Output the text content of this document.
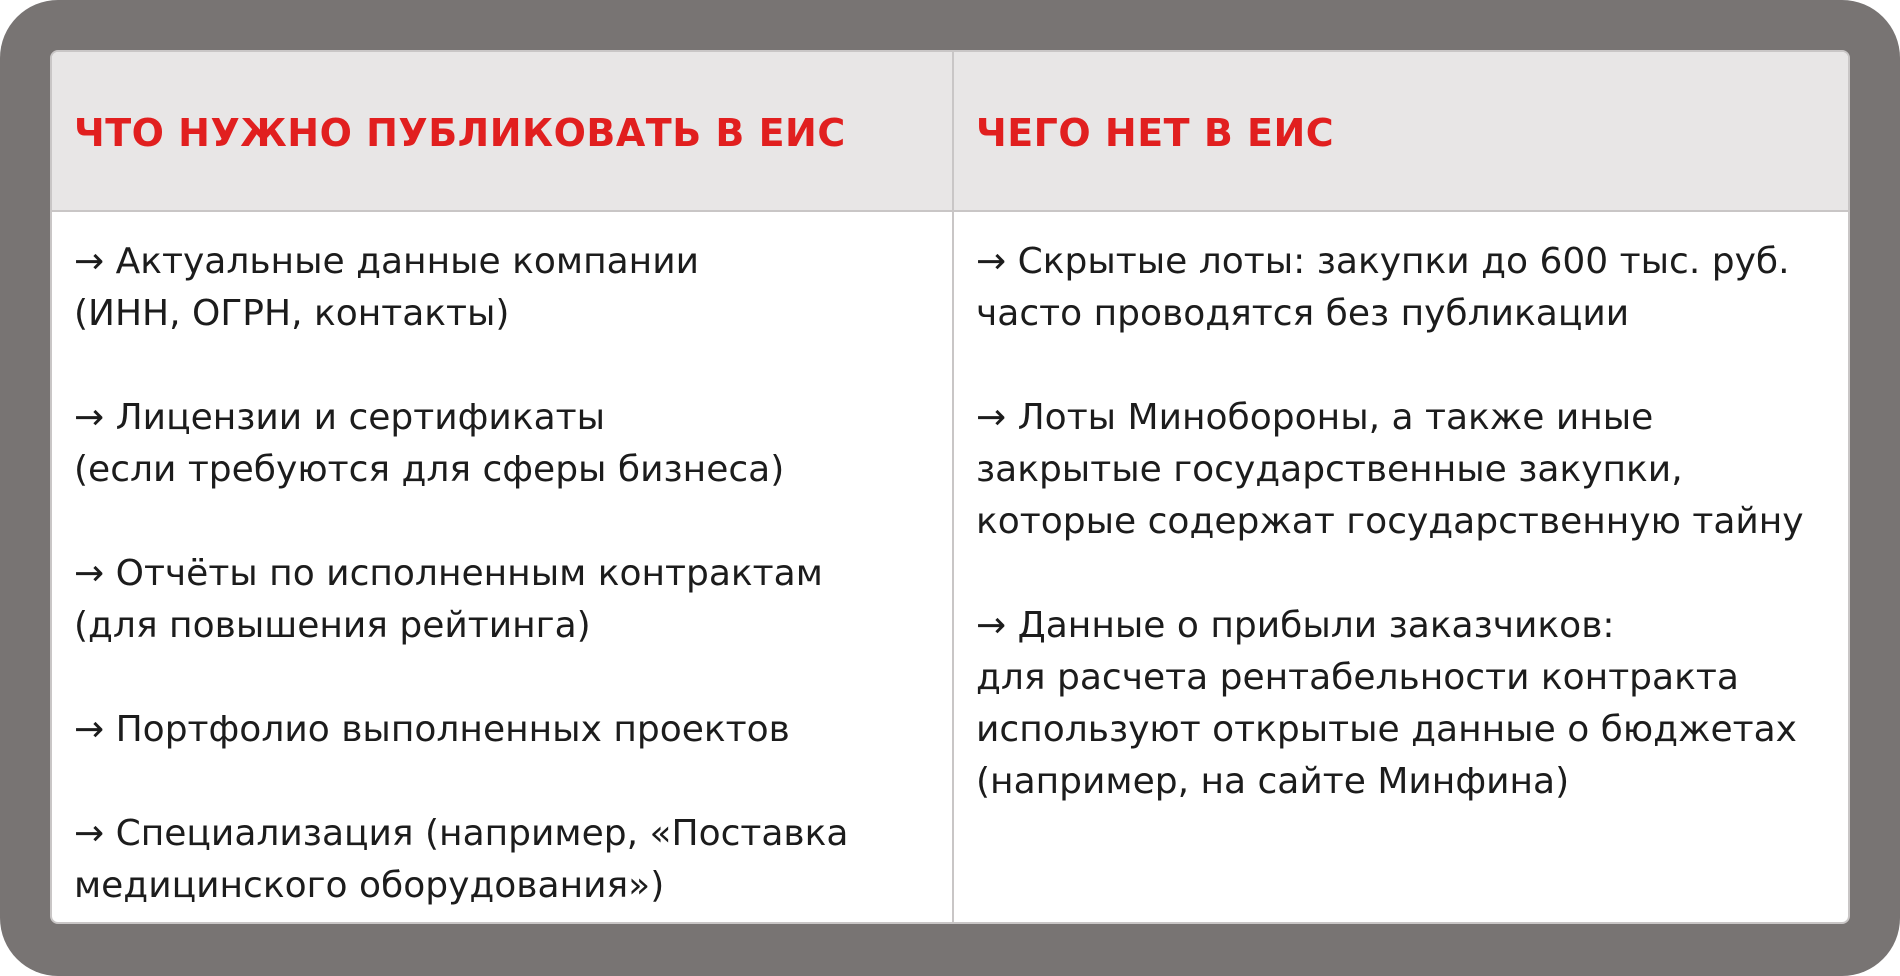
ЧТО НУЖНО ПУБЛИКОВАТЬ В ЕИС	ЧЕГО НЕТ В ЕИС
→ Актуальные данные компании
(ИНН, ОГРН, контакты)
→ Лицензии и сертификаты
(если требуются для сферы бизнеса)
→ Отчёты по исполненным контрактам
(для повышения рейтинга)
→ Портфолио выполненных проектов
→ Специализация (например, «Поставка
медицинского оборудования»)
→ Скрытые лоты: закупки до 600 тыс. руб.
часто проводятся без публикации
→ Лоты Минобороны, а также иные
закрытые государственные закупки,
которые содержат государственную тайну
→ Данные о прибыли заказчиков:
для расчета рентабельности контракта
используют открытые данные о бюджетах
(например, на сайте Минфина)
